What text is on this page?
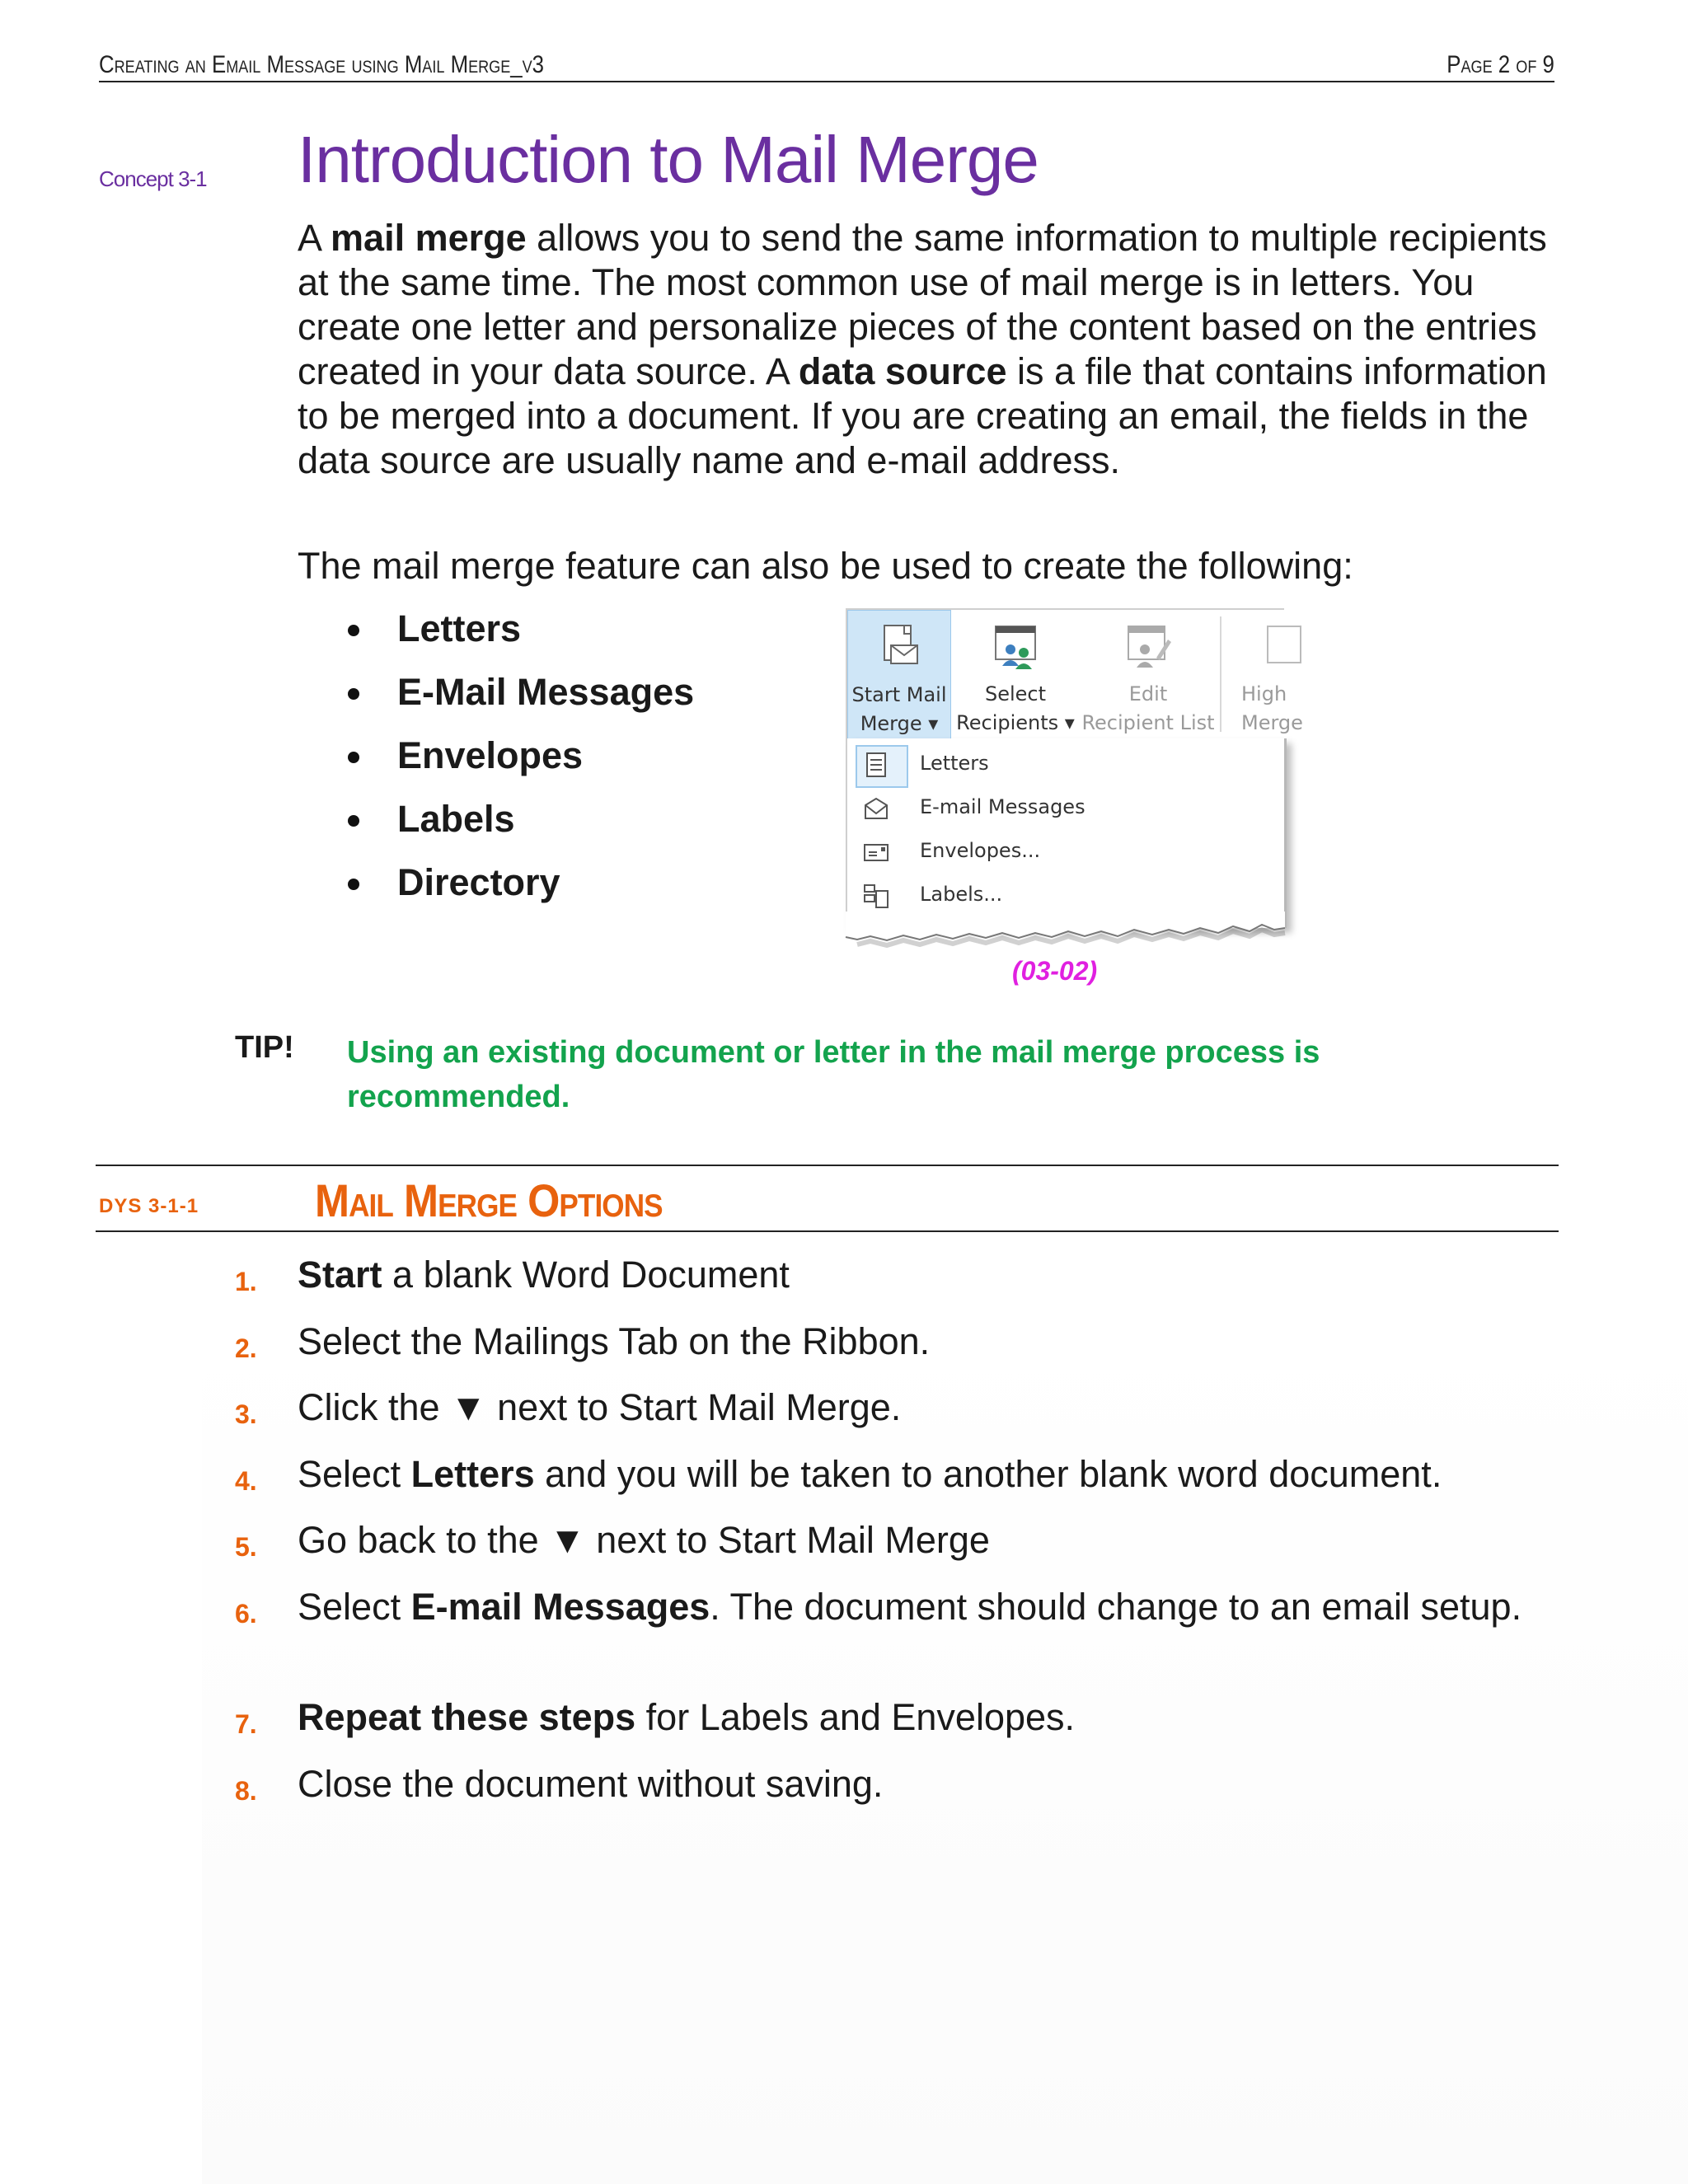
Creating an Email Message using Mail Merge_v3	Page 2 of 9
Concept 3-1 Introduction to Mail Merge

A mail merge allows you to send the same information to multiple recipients at the same time. The most common use of mail merge is in letters. You create one letter and personalize pieces of the content based on the entries created in your data source. A data source is a file that contains information to be merged into a document. If you are creating an email, the fields in the data source are usually name and e-mail address.

The mail merge feature can also be used to create the following:

Letters
E-Mail Messages
Envelopes
Labels
Directory
Start Mail
Merge ▾
Select
Recipients ▾
Edit
Recipient List
High
Merge
Letters
E-mail Messages
Envelopes...
Labels...
(03-02)
TIP! Using an existing document or letter in the mail merge process is recommended.

DYS 3-1-1	Mail Merge Options
1. Start a blank Word Document
2. Select the Mailings Tab on the Ribbon.
3. Click the ▼ next to Start Mail Merge.
4. Select Letters and you will be taken to another blank word document.
5. Go back to the ▼ next to Start Mail Merge
6. Select E-mail Messages. The document should change to an email setup.
7. Repeat these steps for Labels and Envelopes.
8. Close the document without saving.
